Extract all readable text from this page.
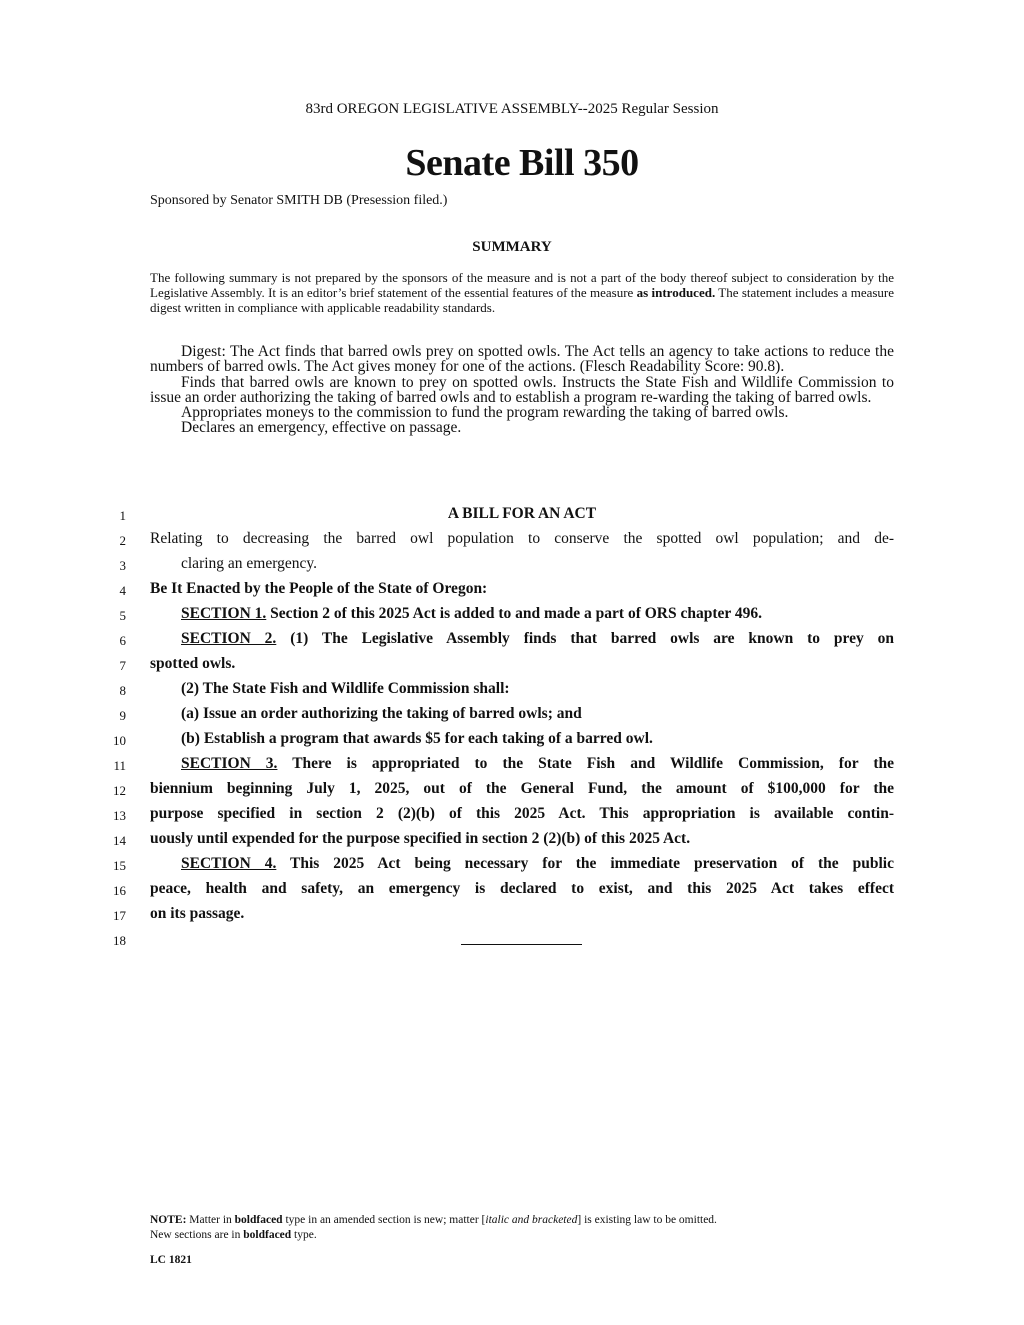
83rd OREGON LEGISLATIVE ASSEMBLY--2025 Regular Session
Senate Bill 350
Sponsored by Senator SMITH DB (Presession filed.)
SUMMARY
The following summary is not prepared by the sponsors of the measure and is not a part of the body thereof subject to consideration by the Legislative Assembly. It is an editor’s brief statement of the essential features of the measure as introduced. The statement includes a measure digest written in compliance with applicable readability standards.

Digest: The Act finds that barred owls prey on spotted owls. The Act tells an agency to take actions to reduce the numbers of barred owls. The Act gives money for one of the actions. (Flesch Readability Score: 90.8).

Finds that barred owls are known to prey on spotted owls. Instructs the State Fish and Wildlife Commission to issue an order authorizing the taking of barred owls and to establish a program re-warding the taking of barred owls.

Appropriates moneys to the commission to fund the program rewarding the taking of barred owls.

Declares an emergency, effective on passage.

1
2
3
4
5
6
7
8
9
10
11
12
13
14
15
16
17
18
A BILL FOR AN ACT
Relating to decreasing the barred owl population to conserve the spotted owl population; and de-
claring an emergency.
Be It Enacted by the People of the State of Oregon:
SECTION 1. Section 2 of this 2025 Act is added to and made a part of ORS chapter 496.
SECTION 2. (1) The Legislative Assembly finds that barred owls are known to prey on
spotted owls.
(2) The State Fish and Wildlife Commission shall:
(a) Issue an order authorizing the taking of barred owls; and
(b) Establish a program that awards $5 for each taking of a barred owl.
SECTION 3. There is appropriated to the State Fish and Wildlife Commission, for the
biennium beginning July 1, 2025, out of the General Fund, the amount of $100,000 for the
purpose specified in section 2 (2)(b) of this 2025 Act. This appropriation is available contin-
uously until expended for the purpose specified in section 2 (2)(b) of this 2025 Act.
SECTION 4. This 2025 Act being necessary for the immediate preservation of the public
peace, health and safety, an emergency is declared to exist, and this 2025 Act takes effect
on its passage.
NOTE: Matter in boldfaced type in an amended section is new; matter [italic and bracketed] is existing law to be omitted.
New sections are in boldfaced type.
LC 1821
